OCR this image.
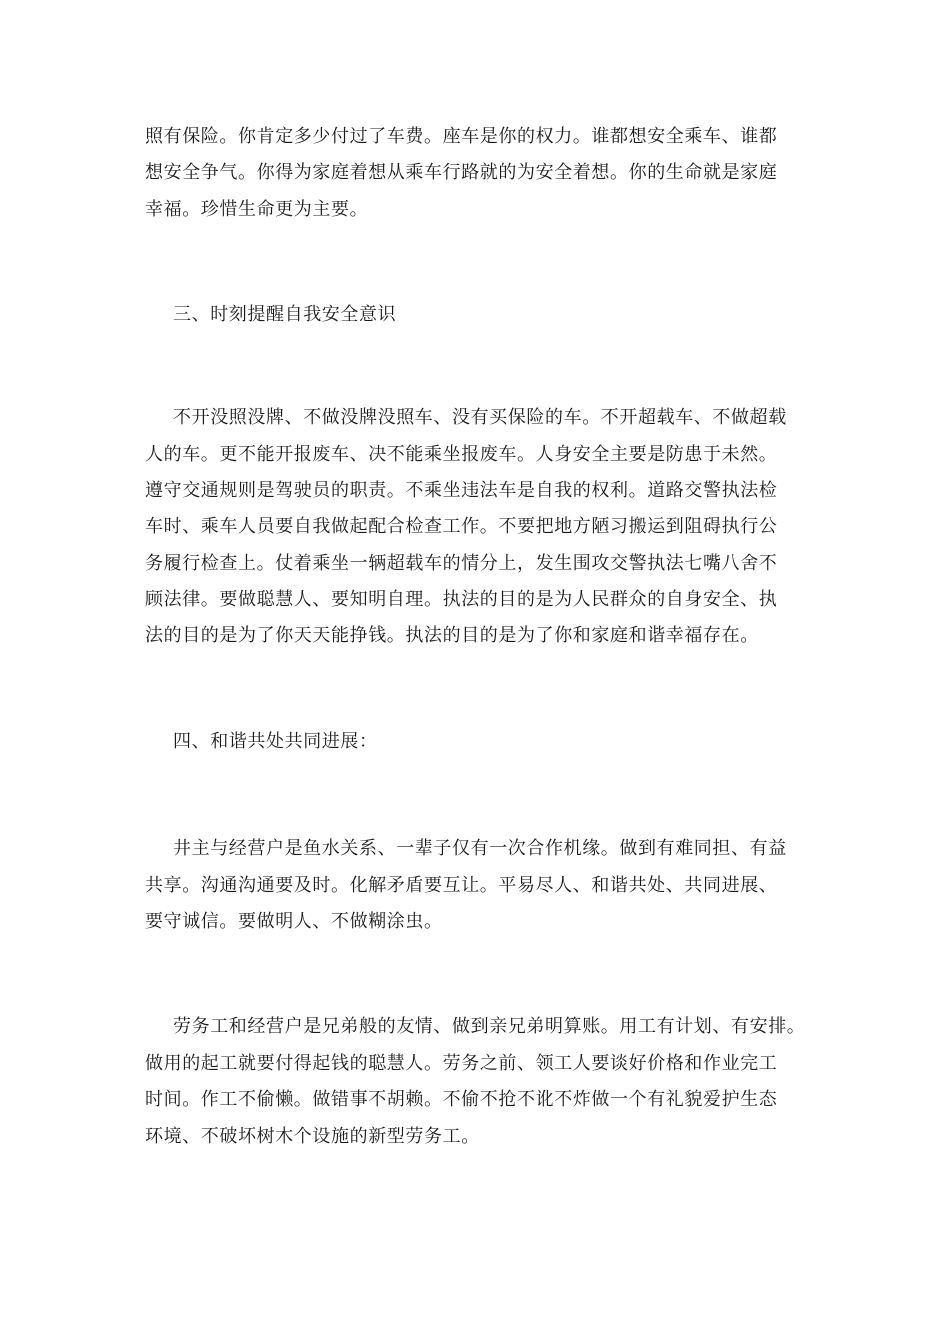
照有保险。你肯定多少付过了车费。座车是你的权力。谁都想安全乘车、谁都
想安全争气。你得为家庭着想从乘车行路就的为安全着想。你的生命就是家庭
幸福。珍惜生命更为主要。
三、时刻提醒自我安全意识
不开没照没牌、不做没牌没照车、没有买保险的车。不开超载车、不做超载
人的车。更不能开报废车、决不能乘坐报废车。人身安全主要是防患于未然。
遵守交通规则是驾驶员的职责。不乘坐违法车是自我的权利。道路交警执法检
车时、乘车人员要自我做起配合检查工作。不要把地方陋习搬运到阻碍执行公
务履行检查上。仗着乘坐一辆超载车的情分上，发生围攻交警执法七嘴八舍不
顾法律。要做聪慧人、要知明自理。执法的目的是为人民群众的自身安全、执
法的目的是为了你天天能挣钱。执法的目的是为了你和家庭和谐幸福存在。
四、和谐共处共同进展：
井主与经营户是鱼水关系、一辈子仅有一次合作机缘。做到有难同担、有益
共享。沟通沟通要及时。化解矛盾要互让。平易尽人、和谐共处、共同进展、
要守诚信。要做明人、不做糊涂虫。
劳务工和经营户是兄弟般的友情、做到亲兄弟明算账。用工有计划、有安排。
做用的起工就要付得起钱的聪慧人。劳务之前、领工人要谈好价格和作业完工
时间。作工不偷懒。做错事不胡赖。不偷不抢不讹不炸做一个有礼貌爱护生态
环境、不破坏树木个设施的新型劳务工。
